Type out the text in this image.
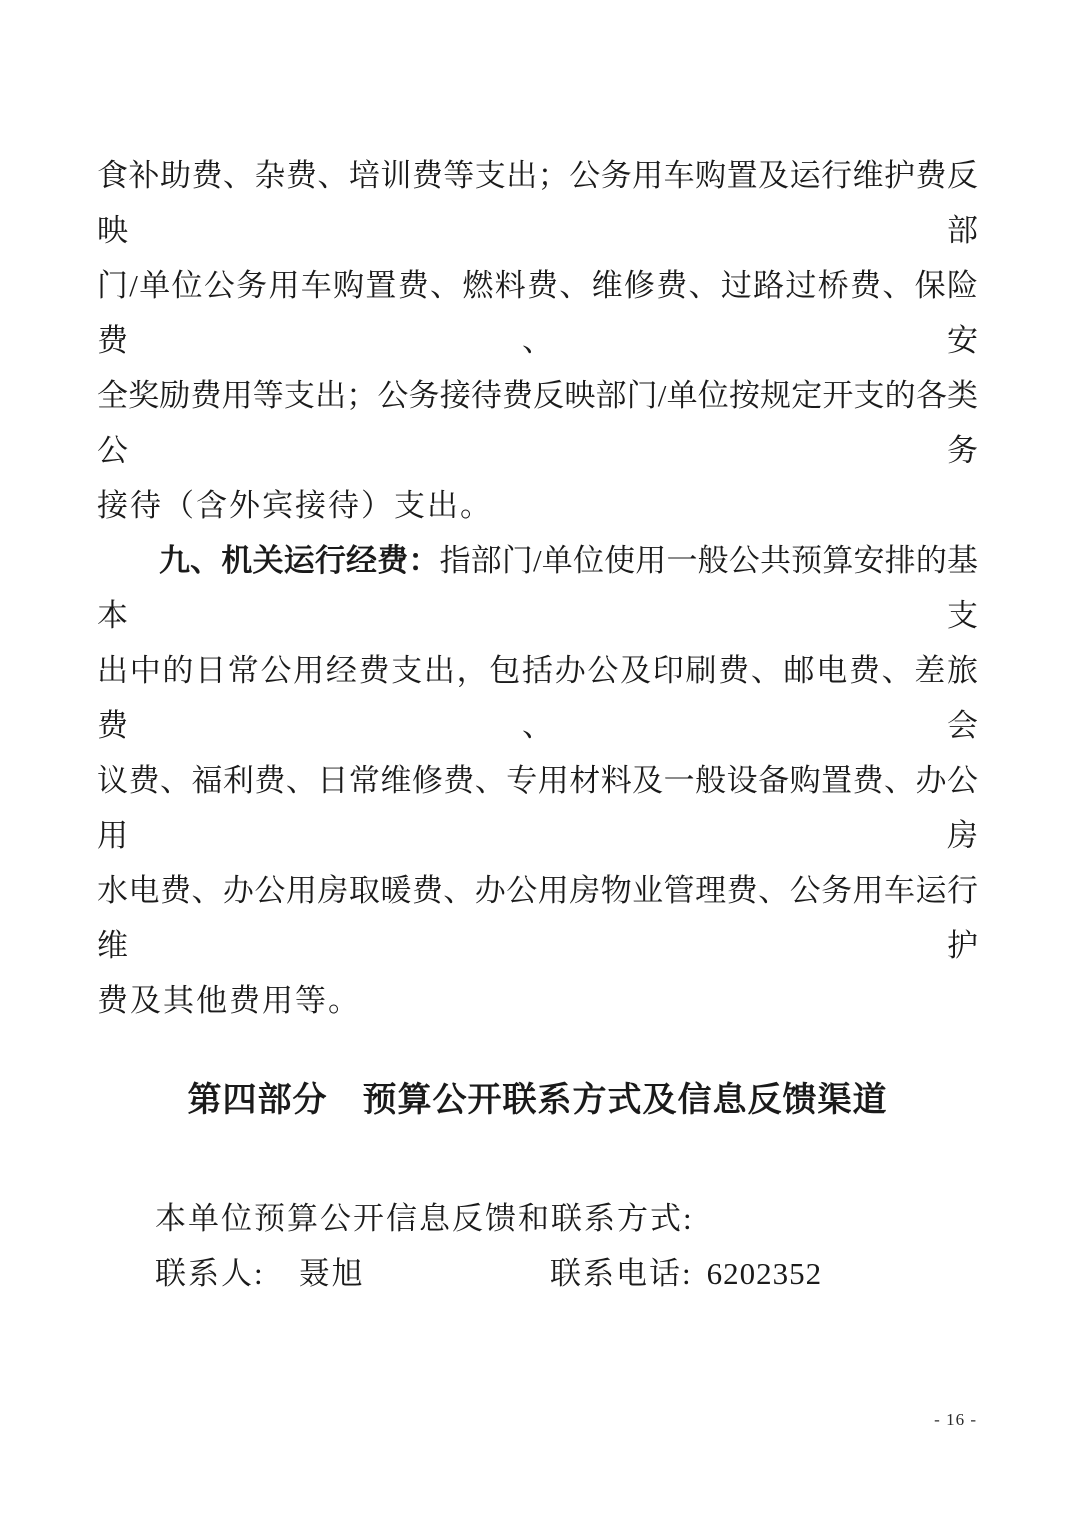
食补助费、杂费、培训费等支出；公务用车购置及运行维护费反映部
门/单位公务用车购置费、燃料费、维修费、过路过桥费、保险费、安
全奖励费用等支出；公务接待费反映部门/单位按规定开支的各类公务
接待（含外宾接待）支出。
九、机关运行经费：指部门/单位使用一般公共预算安排的基本支
出中的日常公用经费支出，包括办公及印刷费、邮电费、差旅费、会
议费、福利费、日常维修费、专用材料及一般设备购置费、办公用房
水电费、办公用房取暖费、办公用房物业管理费、公务用车运行维护
费及其他费用等。
第四部分　预算公开联系方式及信息反馈渠道
本单位预算公开信息反馈和联系方式:
联系人: 聂旭	联系电话: 6202352
- 16 -
